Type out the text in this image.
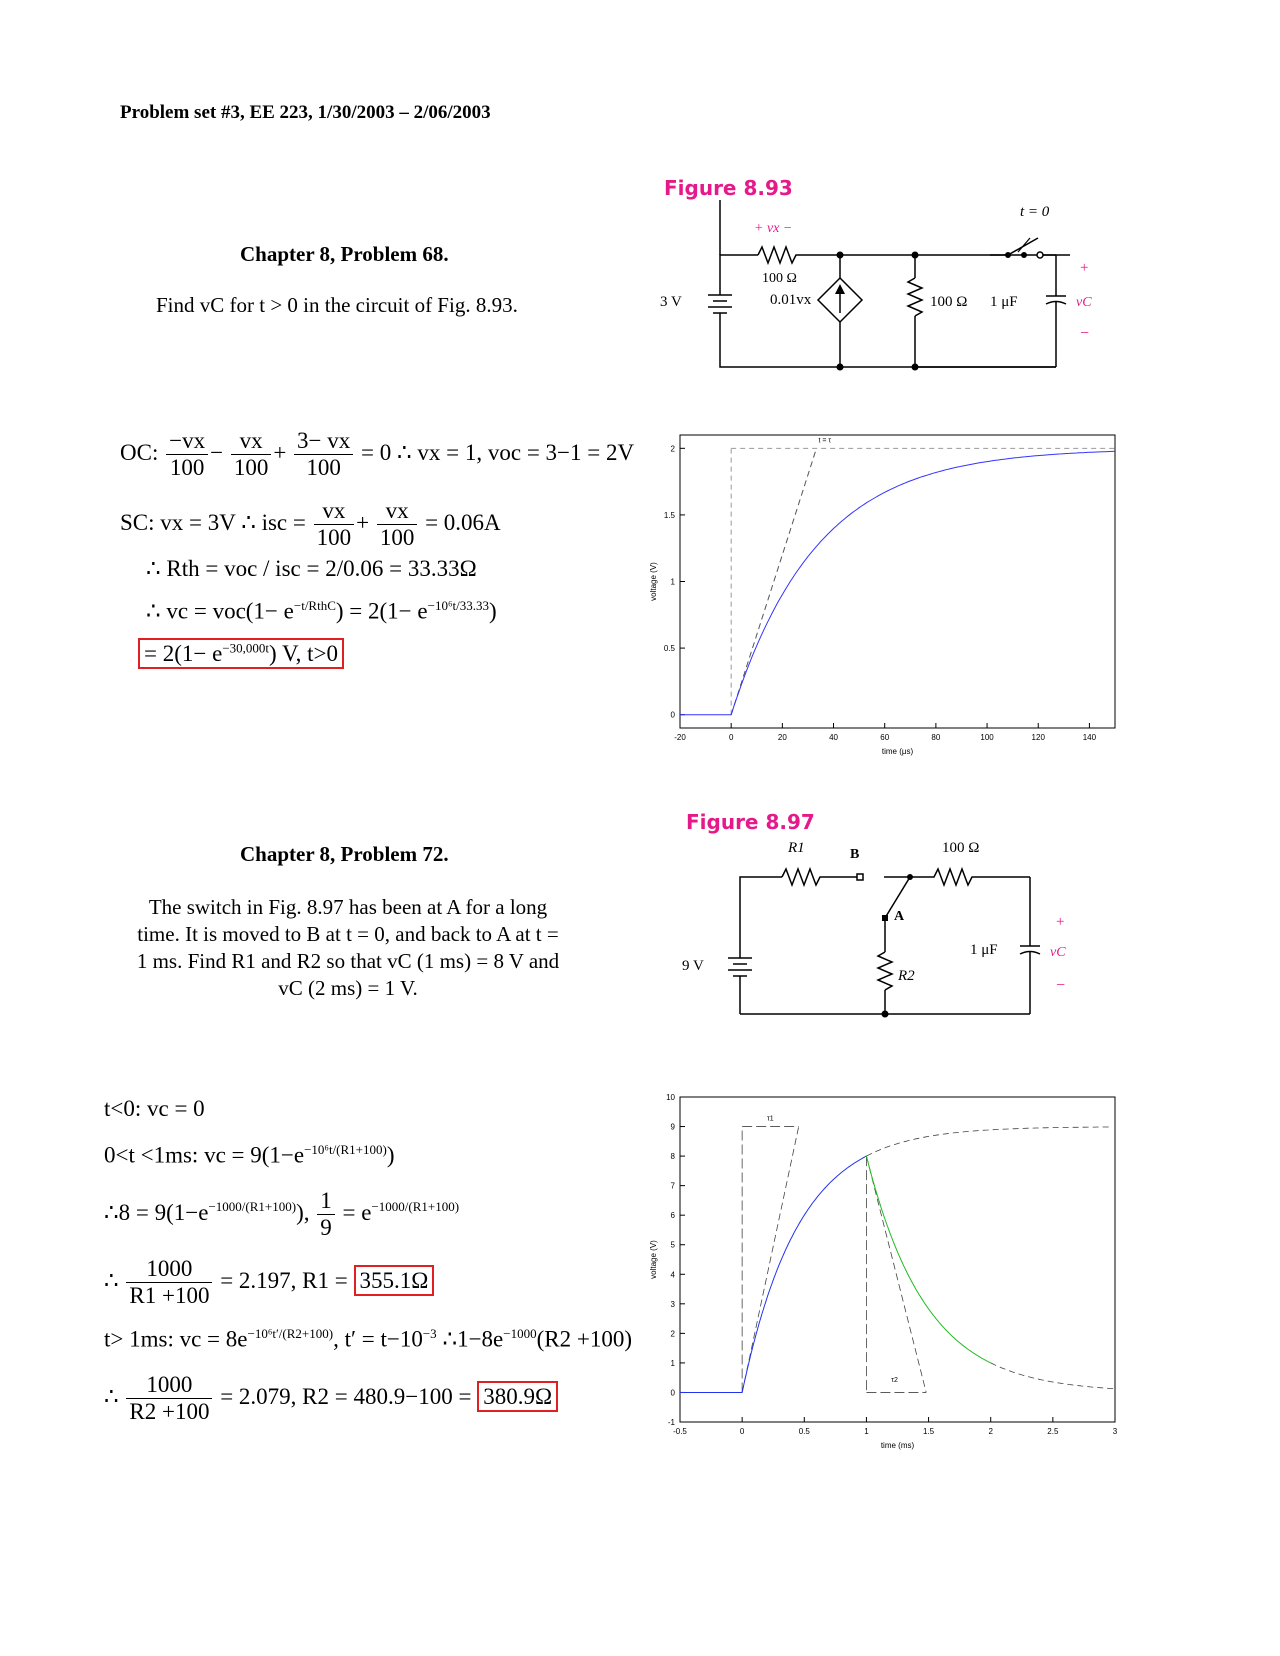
Problem set #3, EE 223, 1/30/2003 – 2/06/2003
Chapter 8, Problem 68.
Find vC for t > 0 in the circuit of Fig. 8.93.
Figure 8.93
+ vx −
100 Ω
3 V	0.01vx	100 Ω 1 μF
t = 0
+
vC
−
OC: $\frac{-vx}{100} - \frac{vx}{100} + \frac{3- vx}{100} = 0$ ∴ vx = 1, voc = 3−1 = 2V
SC: vx = 3V ∴ isc = $\frac{vx}{100} + \frac{vx}{100} = 0.06A$
∴ Rth = voc / isc = 2/0.06 = 33.33Ω
∴ vc = $voc(1- e^{-t/RthC}) = 2(1- e^{-10^6t/33.33})$
= $2(1- e^{-30,000t})$ V, t>0
-20	0	20	40	60	80	100	120	140
0
0.5
1
1.5
2
time (μs)
voltage (V)
t = τ
Figure 8.97
Chapter 8, Problem 72.
The switch in Fig. 8.97 has been at A for a long
time. It is moved to B at t = 0, and back to A at t =
1 ms. Find R1 and R2 so that vC (1 ms) = 8 V and
vC (2 ms) = 1 V.
R1	B
A
100 Ω
9 V
R2
1 μF
+
vC
−
t<0: vc = 0
0<t <1ms: vc = $9(1-e^{-10^6t/(R1+100)})$
∴8 = $9(1-e^{-1000/(R1+100)})$, $\frac{1}{9} = e^{-1000/(R1+100)}$
∴ $\frac{1000}{R1 +100} = 2.197$, R1 = 355.1Ω
t> 1ms: vc = $8e^{-10^6t'/(R2+100)}$, $t' = t-10^{-3}$ $\therefore 1-8e^{-1000}(R2 +100)$
∴ $\frac{1000}{R2 +100} = 2.079$, R2 = 480.9−100 = 380.9Ω
-0.5	0	0.5	1	1.5	2	2.5	3
-1
0
1
2
3
4
5
6
7
8
9
10
time (ms)
voltage (V)
τ1
τ2
